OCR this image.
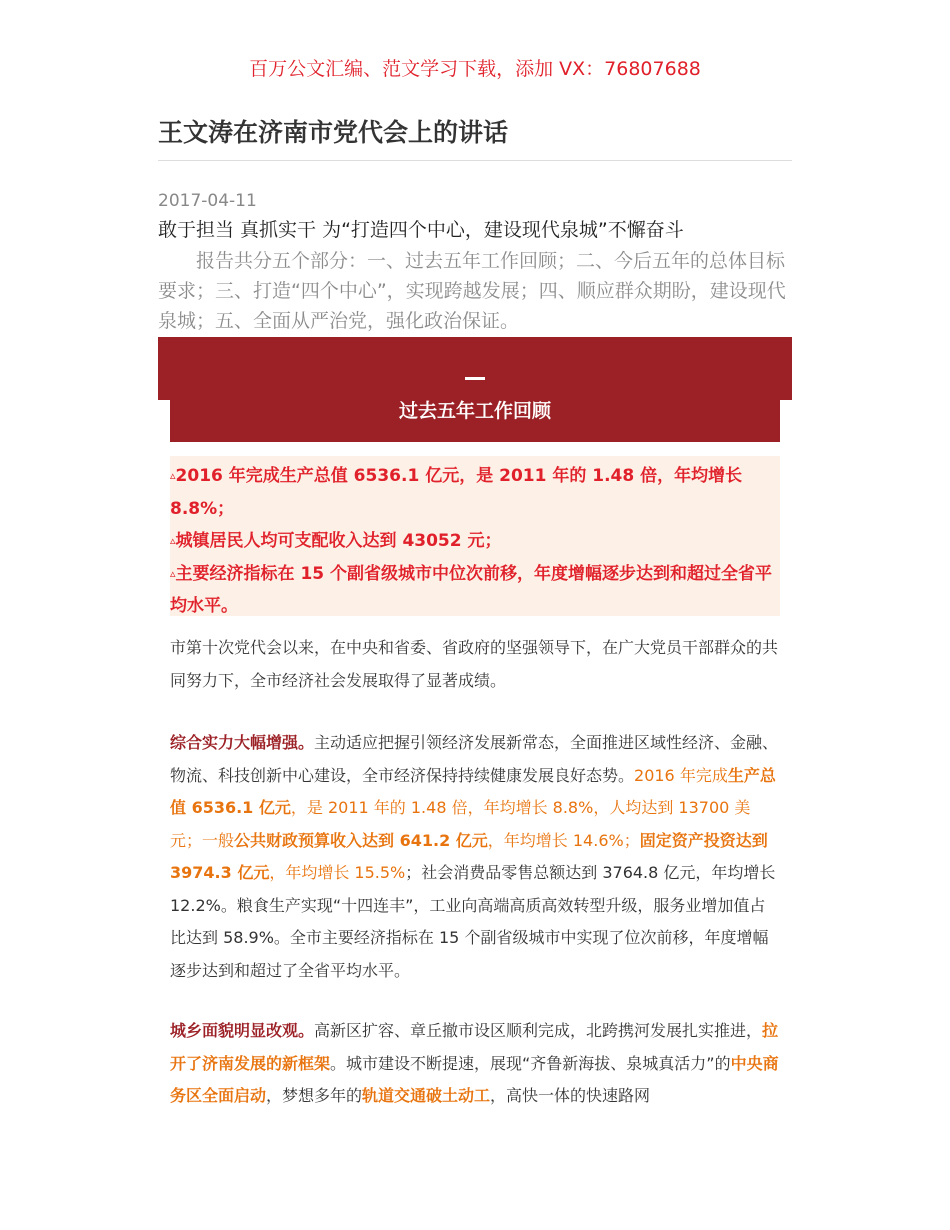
百万公文汇编、范文学习下载，添加 VX：76807688
王文涛在济南市党代会上的讲话
2017-04-11
敢于担当 真抓实干 为“打造四个中心，建设现代泉城”不懈奋斗

报告共分五个部分：一、过去五年工作回顾；二、今后五年的总体目标要求；三、打造“四个中心”，实现跨越发展；四、顺应群众期盼，建设现代泉城；五、全面从严治党，强化政治保证。

过去五年工作回顾
▵2016 年完成生产总值 6536.1 亿元，是 2011 年的 1.48 倍，年均增长 8.8%；
▵城镇居民人均可支配收入达到 43052 元；
▵主要经济指标在 15 个副省级城市中位次前移，年度增幅逐步达到和超过全省平均水平。

市第十次党代会以来，在中央和省委、省政府的坚强领导下，在广大党员干部群众的共同努力下，全市经济社会发展取得了显著成绩。

综合实力大幅增强。主动适应把握引领经济发展新常态，全面推进区域性经济、金融、物流、科技创新中心建设，全市经济保持持续健康发展良好态势。2016 年完成生产总值 6536.1 亿元，是 2011 年的 1.48 倍，年均增长 8.8%，人均达到 13700 美元；一般公共财政预算收入达到 641.2 亿元，年均增长 14.6%；固定资产投资达到 3974.3 亿元，年均增长 15.5%；社会消费品零售总额达到 3764.8 亿元，年均增长 12.2%。粮食生产实现“十四连丰”，工业向高端高质高效转型升级，服务业增加值占比达到 58.9%。全市主要经济指标在 15 个副省级城市中实现了位次前移，年度增幅逐步达到和超过了全省平均水平。

城乡面貌明显改观。高新区扩容、章丘撤市设区顺利完成，北跨携河发展扎实推进，拉开了济南发展的新框架。城市建设不断提速，展现“齐鲁新海拔、泉城真活力”的中央商务区全面启动，梦想多年的轨道交通破土动工，高快一体的快速路网
